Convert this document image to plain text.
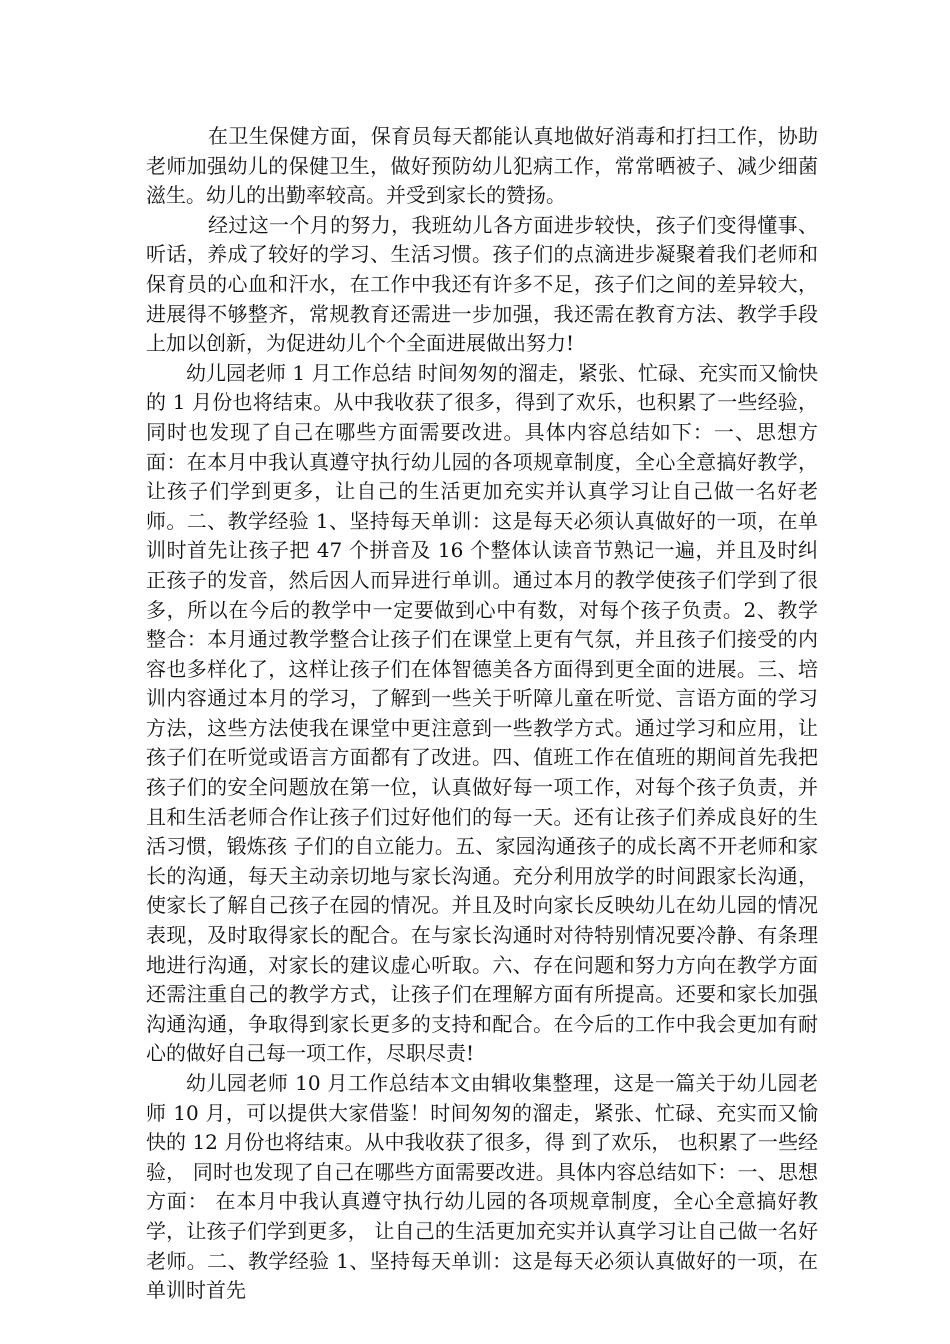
在卫生保健方面，保育员每天都能认真地做好消毒和打扫工作，协助老师加强幼儿的保健卫生，做好预防幼儿犯病工作，常常晒被子、减少细菌滋生。幼儿的出勤率较高。并受到家长的赞扬。

经过这一个月的努力，我班幼儿各方面进步较快，孩子们变得懂事、听话，养成了较好的学习、生活习惯。孩子们的点滴进步凝聚着我们老师和保育员的心血和汗水，在工作中我还有许多不足，孩子们之间的差异较大，进展得不够整齐，常规教育还需进一步加强，我还需在教育方法、教学手段上加以创新，为促进幼儿个个全面进展做出努力!

幼儿园老师 1 月工作总结 时间匆匆的溜走，紧张、忙碌、充实而又愉快的 1 月份也将结束。从中我收获了很多，得到了欢乐，也积累了一些经验，同时也发现了自己在哪些方面需要改进。具体内容总结如下：一、思想方面：在本月中我认真遵守执行幼儿园的各项规章制度，全心全意搞好教学，让孩子们学到更多，让自己的生活更加充实并认真学习让自己做一名好老师。二、教学经验 1、坚持每天单训：这是每天必须认真做好的一项，在单训时首先让孩子把 47 个拼音及 16 个整体认读音节熟记一遍，并且及时纠正孩子的发音，然后因人而异进行单训。通过本月的教学使孩子们学到了很多，所以在今后的教学中一定要做到心中有数，对每个孩子负责。2、教学整合：本月通过教学整合让孩子们在课堂上更有气氛，并且孩子们接受的内容也多样化了，这样让孩子们在体智德美各方面得到更全面的进展。三、培训内容通过本月的学习，了解到一些关于听障儿童在听觉、言语方面的学习方法，这些方法使我在课堂中更注意到一些教学方式。通过学习和应用，让孩子们在听觉或语言方面都有了改进。四、值班工作在值班的期间首先我把孩子们的安全问题放在第一位，认真做好每一项工作，对每个孩子负责，并且和生活老师合作让孩子们过好他们的每一天。还有让孩子们养成良好的生活习惯，锻炼孩 子们的自立能力。五、家园沟通孩子的成长离不开老师和家长的沟通，每天主动亲切地与家长沟通。充分利用放学的时间跟家长沟通，使家长了解自己孩子在园的情况。并且及时向家长反映幼儿在幼儿园的情况表现，及时取得家长的配合。在与家长沟通时对待特别情况要冷静、有条理地进行沟通，对家长的建议虚心听取。六、存在问题和努力方向在教学方面还需注重自己的教学方式，让孩子们在理解方面有所提高。还要和家长加强沟通沟通，争取得到家长更多的支持和配合。在今后的工作中我会更加有耐心的做好自己每一项工作，尽职尽责!

幼儿园老师 10 月工作总结本文由辑收集整理，这是一篇关于幼儿园老师 10 月，可以提供大家借鉴！时间匆匆的溜走，紧张、忙碌、充实而又愉快的 12 月份也将结束。从中我收获了很多，得 到了欢乐， 也积累了一些经验， 同时也发现了自己在哪些方面需要改进。具体内容总结如下：一、思想方面： 在本月中我认真遵守执行幼儿园的各项规章制度，全心全意搞好教学，让孩子们学到更多， 让自己的生活更加充实并认真学习让自己做一名好老师。二、教学经验 1、坚持每天单训：这是每天必须认真做好的一项，在单训时首先
